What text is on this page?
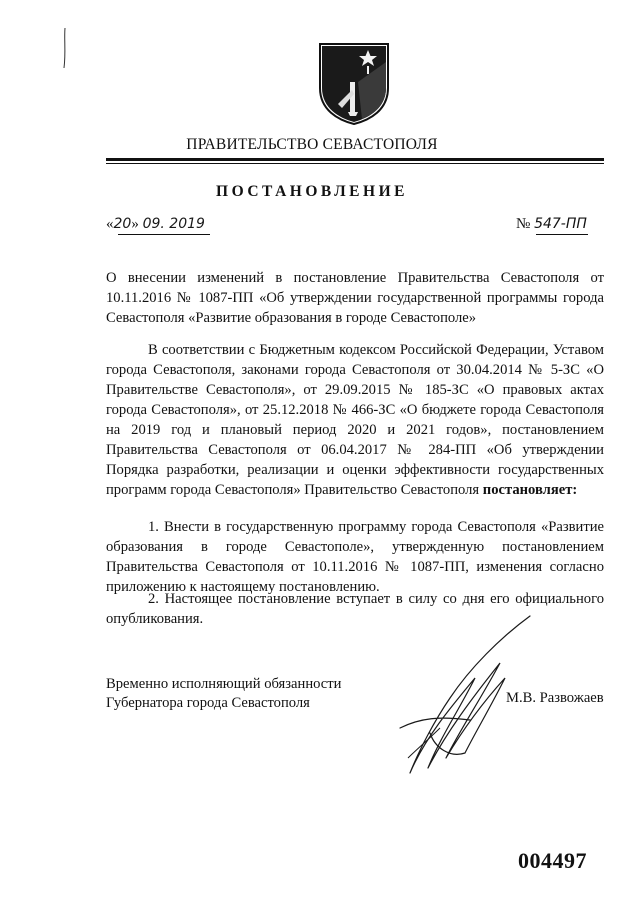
ПРАВИТЕЛЬСТВО СЕВАСТОПОЛЯ
ПОСТАНОВЛЕНИЕ
«20» 09. 2019	№ 547-ПП
О внесении изменений в постановление Правительства Севастополя от 10.11.2016 № 1087-ПП «Об утверждении государственной программы города Севастополя «Развитие образования в городе Севастополе»
В соответствии с Бюджетным кодексом Российской Федерации, Уставом города Севастополя, законами города Севастополя от 30.04.2014 № 5-ЗС «О Правительстве Севастополя», от 29.09.2015 № 185-ЗС «О правовых актах города Севастополя», от 25.12.2018 № 466-ЗС «О бюджете города Севастополя на 2019 год и плановый период 2020 и 2021 годов», постановлением Правительства Севастополя от 06.04.2017 № 284-ПП «Об утверждении Порядка разработки, реализации и оценки эффективности государственных программ города Севастополя» Правительство Севастополя постановляет:
1. Внести в государственную программу города Севастополя «Развитие образования в городе Севастополе», утвержденную постановлением Правительства Севастополя от 10.11.2016 № 1087-ПП, изменения согласно приложению к настоящему постановлению.
2. Настоящее постановление вступает в силу со дня его официального опубликования.
Временно исполняющий обязанности
Губернатора города Севастополя	М.В. Развожаев
004497
